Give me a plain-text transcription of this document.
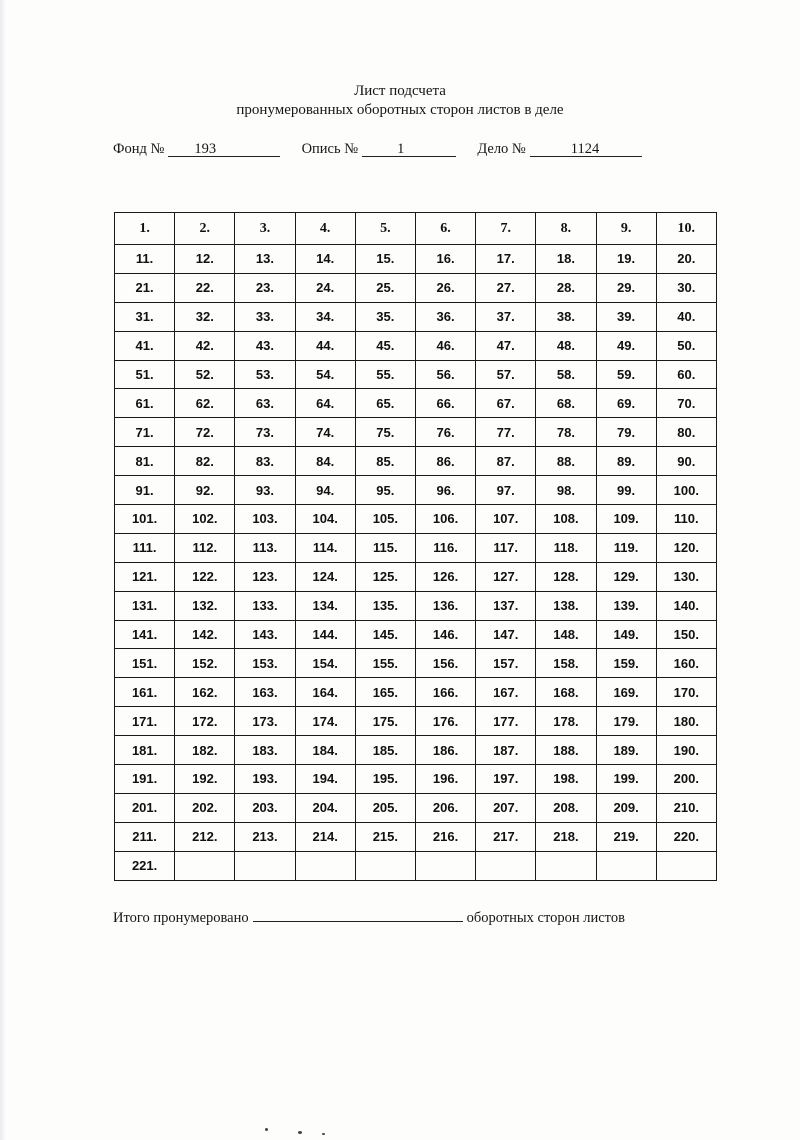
Лист подсчета
пронумерованных оборотных сторон листов в деле
Фонд № 193	Опись №	1	Дело №	1124
1.	2.	3.	4.	5.	6.	7.	8.	9.	10.
11.	12.	13.	14.	15.	16.	17.	18.	19.	20.
21.	22.	23.	24.	25.	26.	27.	28.	29.	30.
31.	32.	33.	34.	35.	36.	37.	38.	39.	40.
41.	42.	43.	44.	45.	46.	47.	48.	49.	50.
51.	52.	53.	54.	55.	56.	57.	58.	59.	60.
61.	62.	63.	64.	65.	66.	67.	68.	69.	70.
71.	72.	73.	74.	75.	76.	77.	78.	79.	80.
81.	82.	83.	84.	85.	86.	87.	88.	89.	90.
91.	92.	93.	94.	95.	96.	97.	98.	99.	100.
101.	102.	103.	104.	105.	106.	107.	108.	109.	110.
111.	112.	113.	114.	115.	116.	117.	118.	119.	120.
121.	122.	123.	124.	125.	126.	127.	128.	129.	130.
131.	132.	133.	134.	135.	136.	137.	138.	139.	140.
141.	142.	143.	144.	145.	146.	147.	148.	149.	150.
151.	152.	153.	154.	155.	156.	157.	158.	159.	160.
161.	162.	163.	164.	165.	166.	167.	168.	169.	170.
171.	172.	173.	174.	175.	176.	177.	178.	179.	180.
181.	182.	183.	184.	185.	186.	187.	188.	189.	190.
191.	192.	193.	194.	195.	196.	197.	198.	199.	200.
201.	202.	203.	204.	205.	206.	207.	208.	209.	210.
211.	212.	213.	214.	215.	216.	217.	218.	219.	220.
221.									
Итого пронумеровано	оборотных сторон листов
